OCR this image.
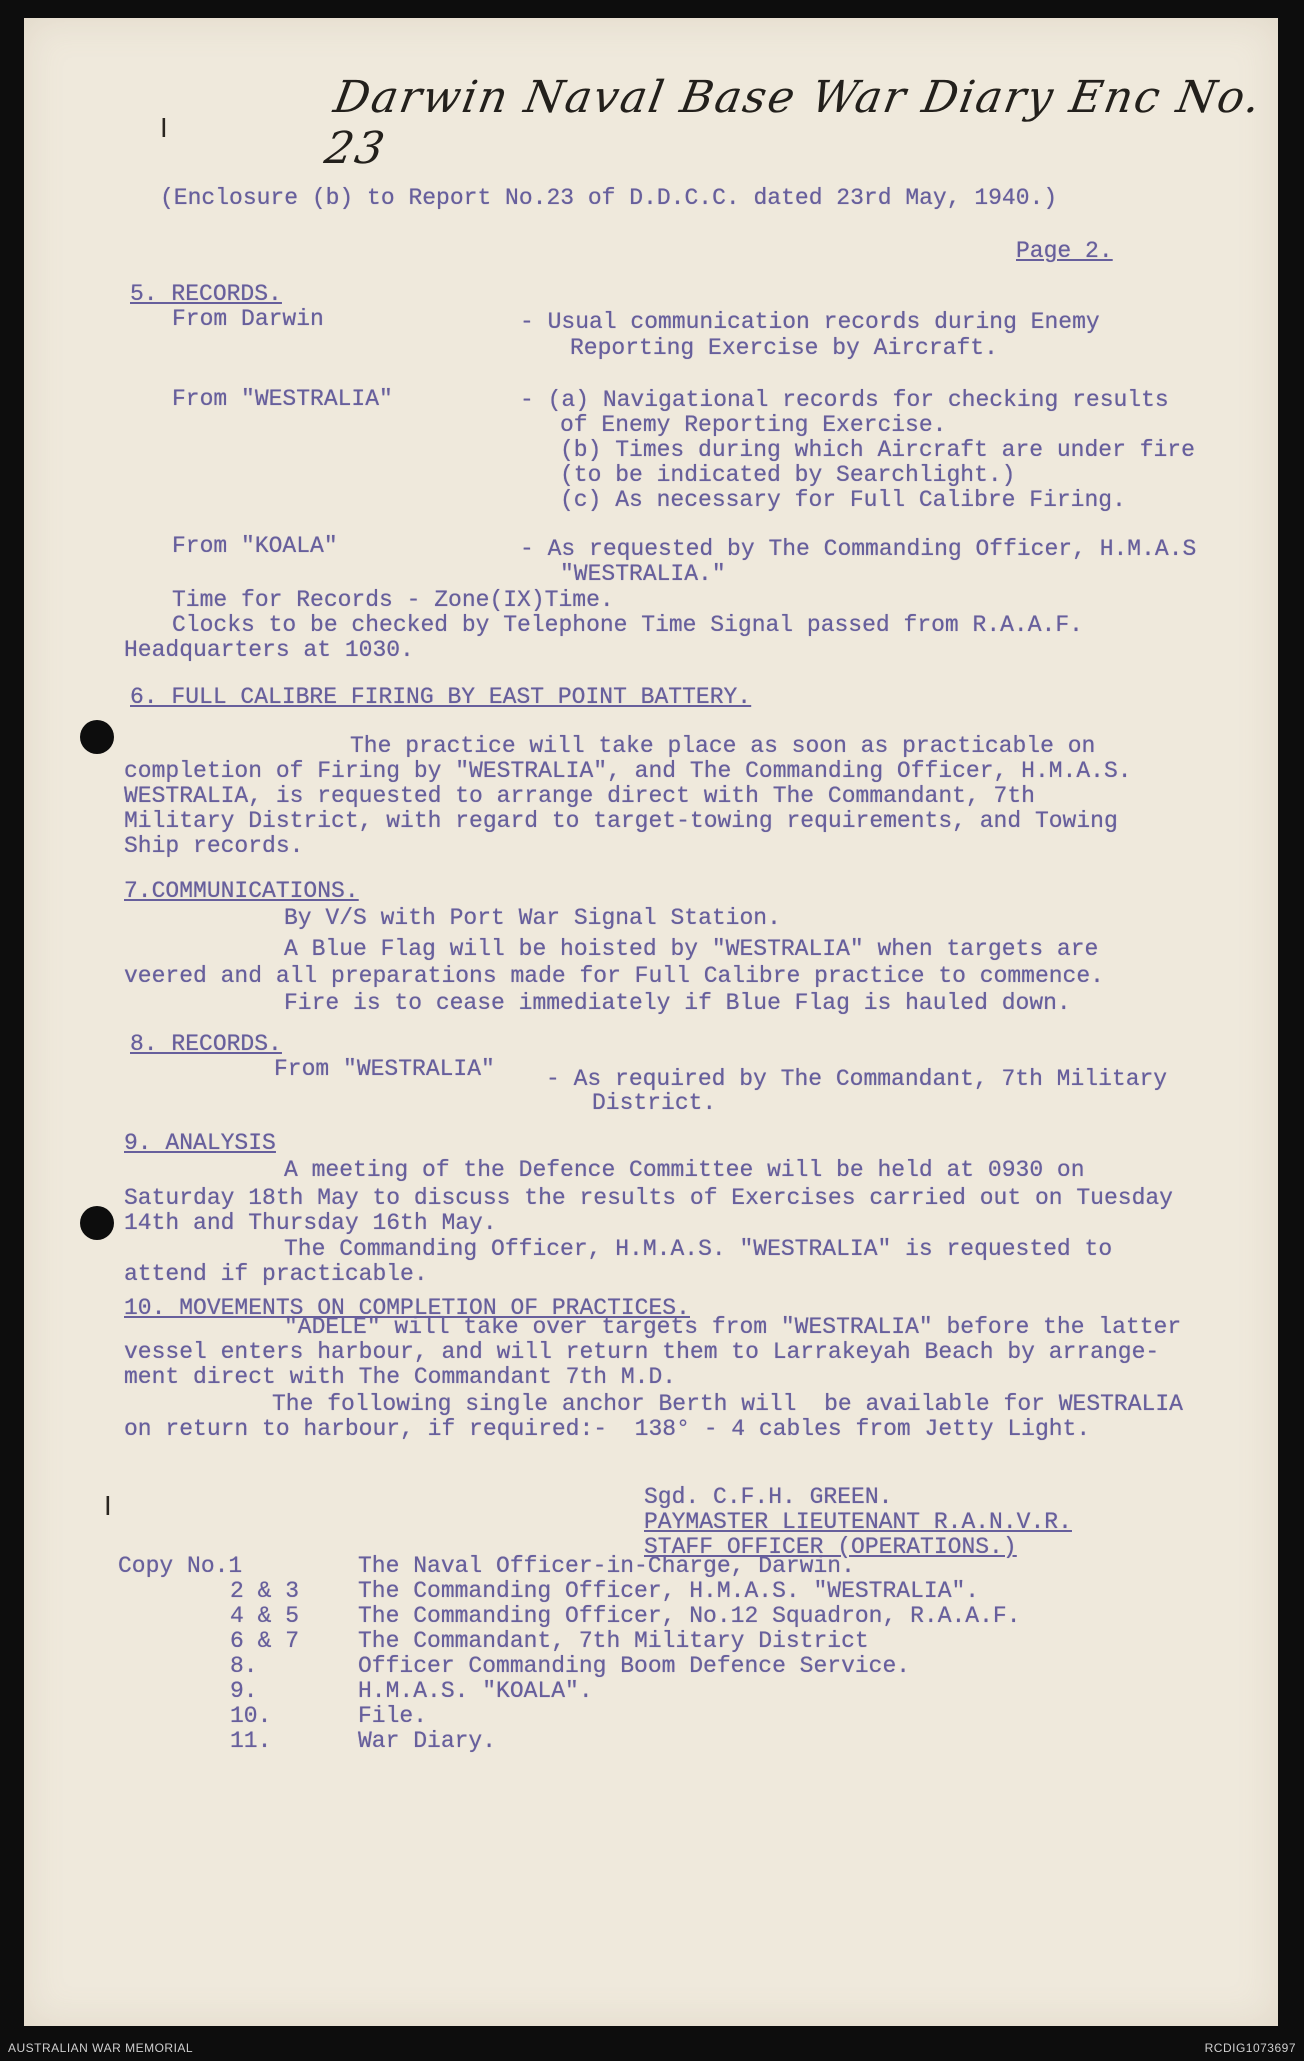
ⵏ
ⵏ
Darwin Naval Base War Diary Enc No. 23
(Enclosure (b) to Report No.23 of D.D.C.C. dated 23rd May, 1940.)
Page 2.
5. RECORDS.
From Darwin	- Usual communication records during Enemy
Reporting Exercise by Aircraft.
From "WESTRALIA"	- (a) Navigational records for checking results
of Enemy Reporting Exercise.
(b) Times during which Aircraft are under fire
(to be indicated by Searchlight.)
(c) As necessary for Full Calibre Firing.
From "KOALA"	- As requested by The Commanding Officer, H.M.A.S
"WESTRALIA."
Time for Records - Zone(IX)Time.
Clocks to be checked by Telephone Time Signal passed from R.A.A.F.
Headquarters at 1030.
6. FULL CALIBRE FIRING BY EAST POINT BATTERY.
The practice will take place as soon as practicable on
completion of Firing by "WESTRALIA", and The Commanding Officer, H.M.A.S.
WESTRALIA, is requested to arrange direct with The Commandant, 7th
Military District, with regard to target-towing requirements, and Towing
Ship records.
7.COMMUNICATIONS.
By V/S with Port War Signal Station.
A Blue Flag will be hoisted by "WESTRALIA" when targets are
veered and all preparations made for Full Calibre practice to commence.
Fire is to cease immediately if Blue Flag is hauled down.
8. RECORDS.
From "WESTRALIA" - As required by The Commandant, 7th Military
District.
9. ANALYSIS
A meeting of the Defence Committee will be held at 0930 on
Saturday 18th May to discuss the results of Exercises carried out on Tuesday
14th and Thursday 16th May.
The Commanding Officer, H.M.A.S. "WESTRALIA" is requested to
attend if practicable.
10. MOVEMENTS ON COMPLETION OF PRACTICES.
"ADELE" will take over targets from "WESTRALIA" before the latter
vessel enters harbour, and will return them to Larrakeyah Beach by arrange-
ment direct with The Commandant 7th M.D.
The following single anchor Berth will  be available for WESTRALIA
on return to harbour, if required:-  138° - 4 cables from Jetty Light.
Sgd. C.F.H. GREEN.
PAYMASTER LIEUTENANT R.A.N.V.R.
STAFF OFFICER (OPERATIONS.)
Copy No.1	The Naval Officer-in-Charge, Darwin.
2 & 3	The Commanding Officer, H.M.A.S. "WESTRALIA".
4 & 5	The Commanding Officer, No.12 Squadron, R.A.A.F.
6 & 7	The Commandant, 7th Military District
8.	Officer Commanding Boom Defence Service.
9.	H.M.A.S. "KOALA".
10.	File.
11.	War Diary.
AUSTRALIAN WAR MEMORIAL	RCDIG1073697
